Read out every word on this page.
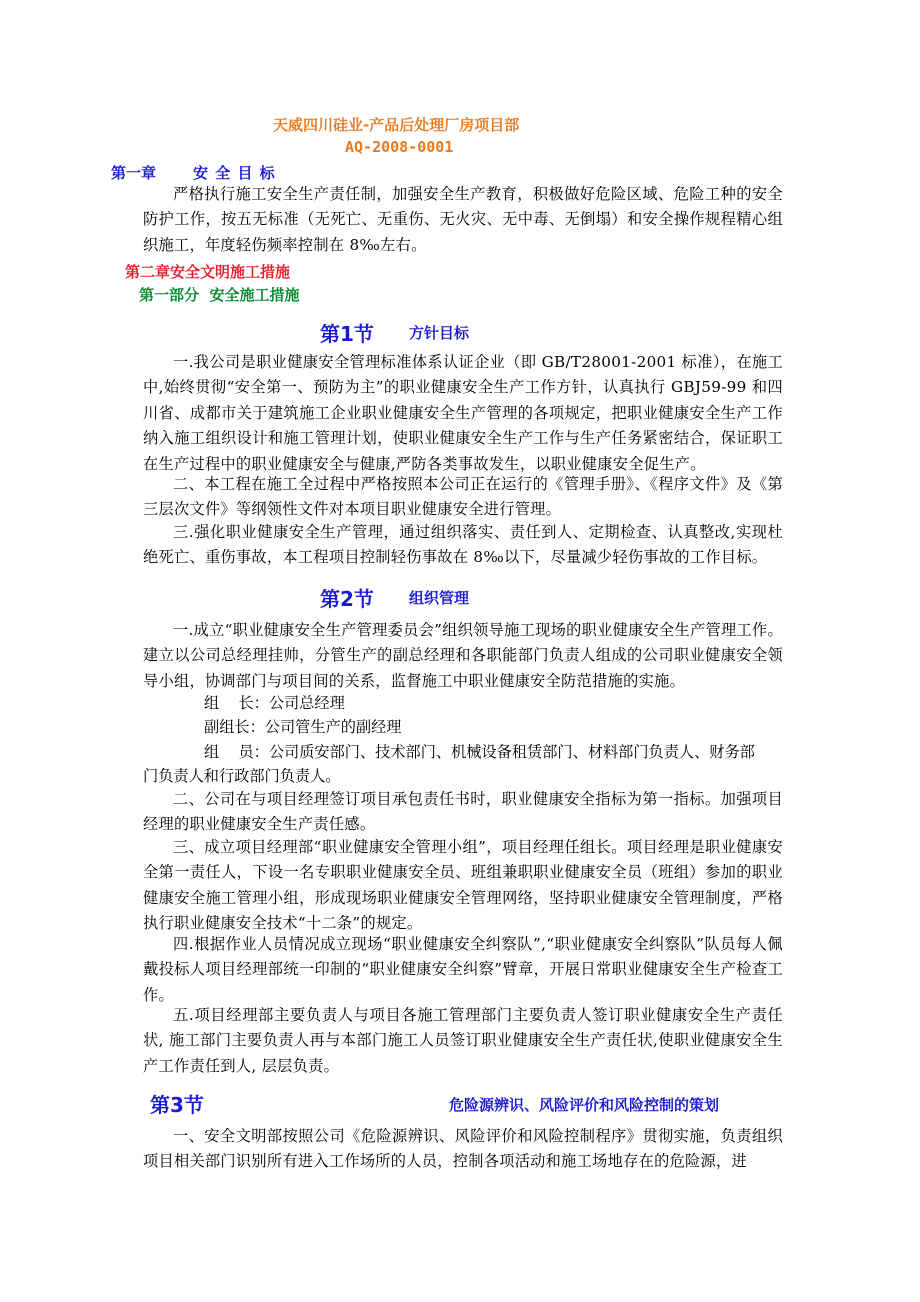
天威四川硅业-产品后处理厂房项目部
AQ-2008-0001
第一章 安 全 目 标
严格执行施工安全生产责任制，加强安全生产教育，积极做好危险区域、危险工种的安全防护工作，按五无标准（无死亡、无重伤、无火灾、无中毒、无倒塌）和安全操作规程精心组织施工，年度轻伤频率控制在 8‰左右。
第二章安全文明施工措施
第一部分  安全施工措施
第1节 方针目标
一.我公司是职业健康安全管理标准体系认证企业（即 GB/T28001-2001 标准），在施工中,始终贯彻“安全第一、预防为主”的职业健康安全生产工作方针，认真执行 GBJ59-99 和四川省、成都市关于建筑施工企业职业健康安全生产管理的各项规定，把职业健康安全生产工作纳入施工组织设计和施工管理计划，使职业健康安全生产工作与生产任务紧密结合，保证职工在生产过程中的职业健康安全与健康,严防各类事故发生，以职业健康安全促生产。
二、本工程在施工全过程中严格按照本公司正在运行的《管理手册》、《程序文件》及《第三层次文件》等纲领性文件对本项目职业健康安全进行管理。
三.强化职业健康安全生产管理，通过组织落实、责任到人、定期检查、认真整改,实现杜绝死亡、重伤事故，本工程项目控制轻伤事故在 8‰以下，尽量减少轻伤事故的工作目标。
第2节 组织管理
一.成立“职业健康安全生产管理委员会”组织领导施工现场的职业健康安全生产管理工作。建立以公司总经理挂帅，分管生产的副总经理和各职能部门负责人组成的公司职业健康安全领导小组，协调部门与项目间的关系，监督施工中职业健康安全防范措施的实施。
组    长：公司总经理
副组长：公司管生产的副经理
组    员：公司质安部门、技术部门、机械设备租赁部门、材料部门负责人、财务部
门负责人和行政部门负责人。
二、公司在与项目经理签订项目承包责任书时，职业健康安全指标为第一指标。加强项目经理的职业健康安全生产责任感。
三、成立项目经理部“职业健康安全管理小组”，项目经理任组长。项目经理是职业健康安全第一责任人，下设一名专职职业健康安全员、班组兼职职业健康安全员（班组）参加的职业健康安全施工管理小组，形成现场职业健康安全管理网络，坚持职业健康安全管理制度，严格执行职业健康安全技术“十二条”的规定。
四.根据作业人员情况成立现场“职业健康安全纠察队”,“职业健康安全纠察队”队员每人佩戴投标人项目经理部统一印制的“职业健康安全纠察”臂章，开展日常职业健康安全生产检查工作。
五.项目经理部主要负责人与项目各施工管理部门主要负责人签订职业健康安全生产责任状, 施工部门主要负责人再与本部门施工人员签订职业健康安全生产责任状,使职业健康安全生产工作责任到人, 层层负责。
第3节	危险源辨识、风险评价和风险控制的策划
一、安全文明部按照公司《危险源辨识、风险评价和风险控制程序》贯彻实施，负责组织项目相关部门识别所有进入工作场所的人员，控制各项活动和施工场地存在的危险源，进
